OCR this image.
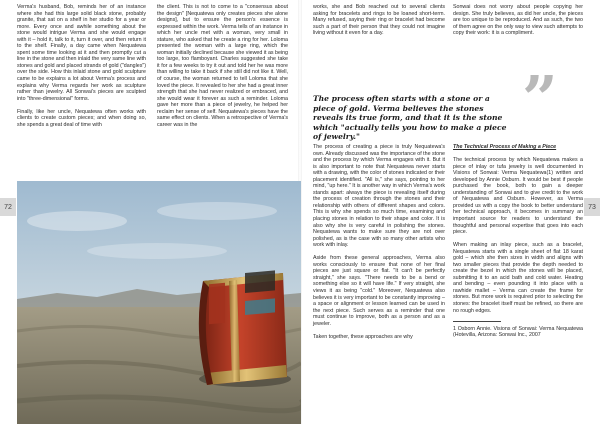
Verma's husband, Bob, reminds her of an instance where she had this large solid black stone, probably granite, that sat on a shelf in her studio for a year or more. Every once and awhile something about the stone would intrigue Verma and she would engage with it – hold it, talk to it, turn it over, and then return it to the shelf. Finally, a day came when Nequatewa spent some time looking at it and then promptly cut a line in the stone and then inlaid the very same line with stones and gold and placed strands of gold ("dangles") over the side. How this inlaid stone and gold sculpture came to be explains a lot about Verma's process and explains why Verma regards her work as sculpture rather than jewelry. All Sonwai's pieces are sculpted into "three-dimensional" forms.

Finally, like her uncle, Nequatewa often works with clients to create custom pieces; and when doing so, she spends a great deal of time with

the client. This is not to come to a "consensus about the design" [Nequatewa only creates pieces she alone designs], but to ensure the person's essence is expressed within the work. Verma tells of an instance in which her uncle met with a woman, very small in stature, who asked that he create a ring for her. Loloma presented the woman with a large ring, which the woman initially declined because she viewed it as being too large, too flamboyant. Charles suggested she take it for a few weeks to try it out and told her he was more than willing to take it back if she still did not like it. Well, of course, the woman returned to tell Loloma that she loved the piece. It revealed to her she had a great inner strength that she had never realized or embraced, and she would wear it forever as such a reminder. Loloma gave her more than a piece of jewelry, he helped her reclaim her sense of self. Nequatewa's pieces have the same effect on clients. When a retrospective of Verma's career was in the

works, she and Bob reached out to several clients asking for bracelets and rings to be loaned short-term. Many refused, saying their ring or bracelet had become such a part of their person that they could not imagine living without it even for a day.

Sonwai does not worry about people copying her design. She truly believes, as did her uncle, the pieces are too unique to be reproduced. And as such, the two of them agree on the only way to view such attempts to copy their work: it is a compliment.

The process often starts with a stone or a piece of gold. Verma believes the stones reveals its true form, and that it is the stone which "actually tells you how to make a piece of jewelry."
”

The process of creating a piece is truly Nequatewa's own. Already discussed was the importance of the stone and the process by which Verma engages with it. But it is also important to note that Nequatewa never starts with a drawing, with the color of stones indicated or their placement identified. "All is," she says, pointing to her mind, "up here." It is another way in which Verma's work stands apart: always the piece is revealing itself during the process of creation through the stones and their relationship with others of different shapes and colors. This is why she spends so much time, examining and placing stones in relation to their shape and color. It is also why she is very careful in polishing the stones. Nequatewa wants to make sure they are not over polished, as is the case with so many other artists who work with inlay.

Aside from these general approaches, Verma also works consciously to ensure that none of her final pieces are just square or flat. "It can't be perfectly straight," she says. "There needs to be a bend or something else so it will have life." If very straight, she views it as being "cold." Moreover, Nequatewa also believes it is very important to be constantly improving – a space or alignment or lesson learned can be used in the next piece. Such serves as a reminder that one must continue to improve, both as a person and as a jeweler.

Taken together, these approaches are why

The Technical Process of Making a Piece

The technical process by which Nequatewa makes a piece of inlay or tufa jewelry is well documented in Visions of Sonwai: Verma Nequatewa(1) written and developed by Annie Osburn. It would be best if people purchased the book, both to gain a deeper understanding of Sonwai and to give credit to the work of Nequatewa and Osburn. However, as Verma provided us with a copy the book to better understand her technical approach, it becomes in summary an important source for readers to understand the thoughtful and personal expertise that goes into each piece.

When making an inlay piece, such as a bracelet, Nequatewa starts with a single sheet of flat 18 karat gold – which she then sizes in width and aligns with two smaller pieces that provide the depth needed to create the bezel in which the stones will be placed, submitting it to an acid bath and cold water. Heating and bending – even pounding it into place with a rawhide mallet – Verma can create the frame for stones. But more work is required prior to selecting the stones: the bracelet itself must be refined, so there are no rough edges.

1 Osborn Annie. Visions of Sonwai: Verma Nequatewa (Hotevilla, Arizona: Sonwai Inc., 2007

72	73
